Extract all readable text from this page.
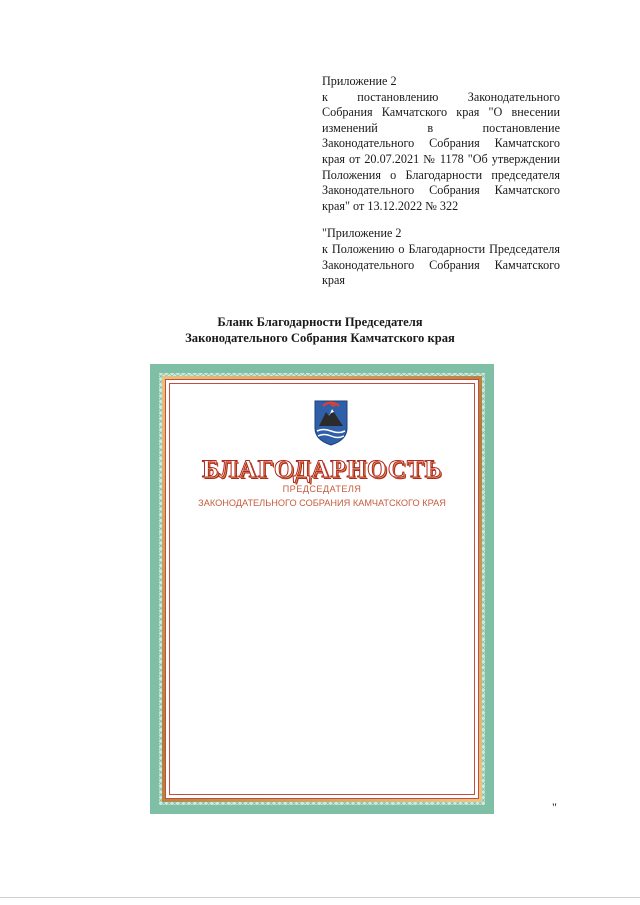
Приложение 2

к постановлению Законодательного Собрания Камчатского края "О внесении изменений в постановление Законодательного Собрания Камчатского края от 20.07.2021 № 1178 "Об утверждении Положения о Благодарности председателя Законодательного Собрания Камчатского края" от 13.12.2022 № 322

"Приложение 2

к Положению о Благодарности Председателя Законодательного Собрания Камчатского края

Бланк Благодарности Председателя
Законодательного Собрания Камчатского края
БЛАГОДАРНОСТЬ
ПРЕДСЕДАТЕЛЯ
ЗАКОНОДАТЕЛЬНОГО СОБРАНИЯ КАМЧАТСКОГО КРАЯ
"
